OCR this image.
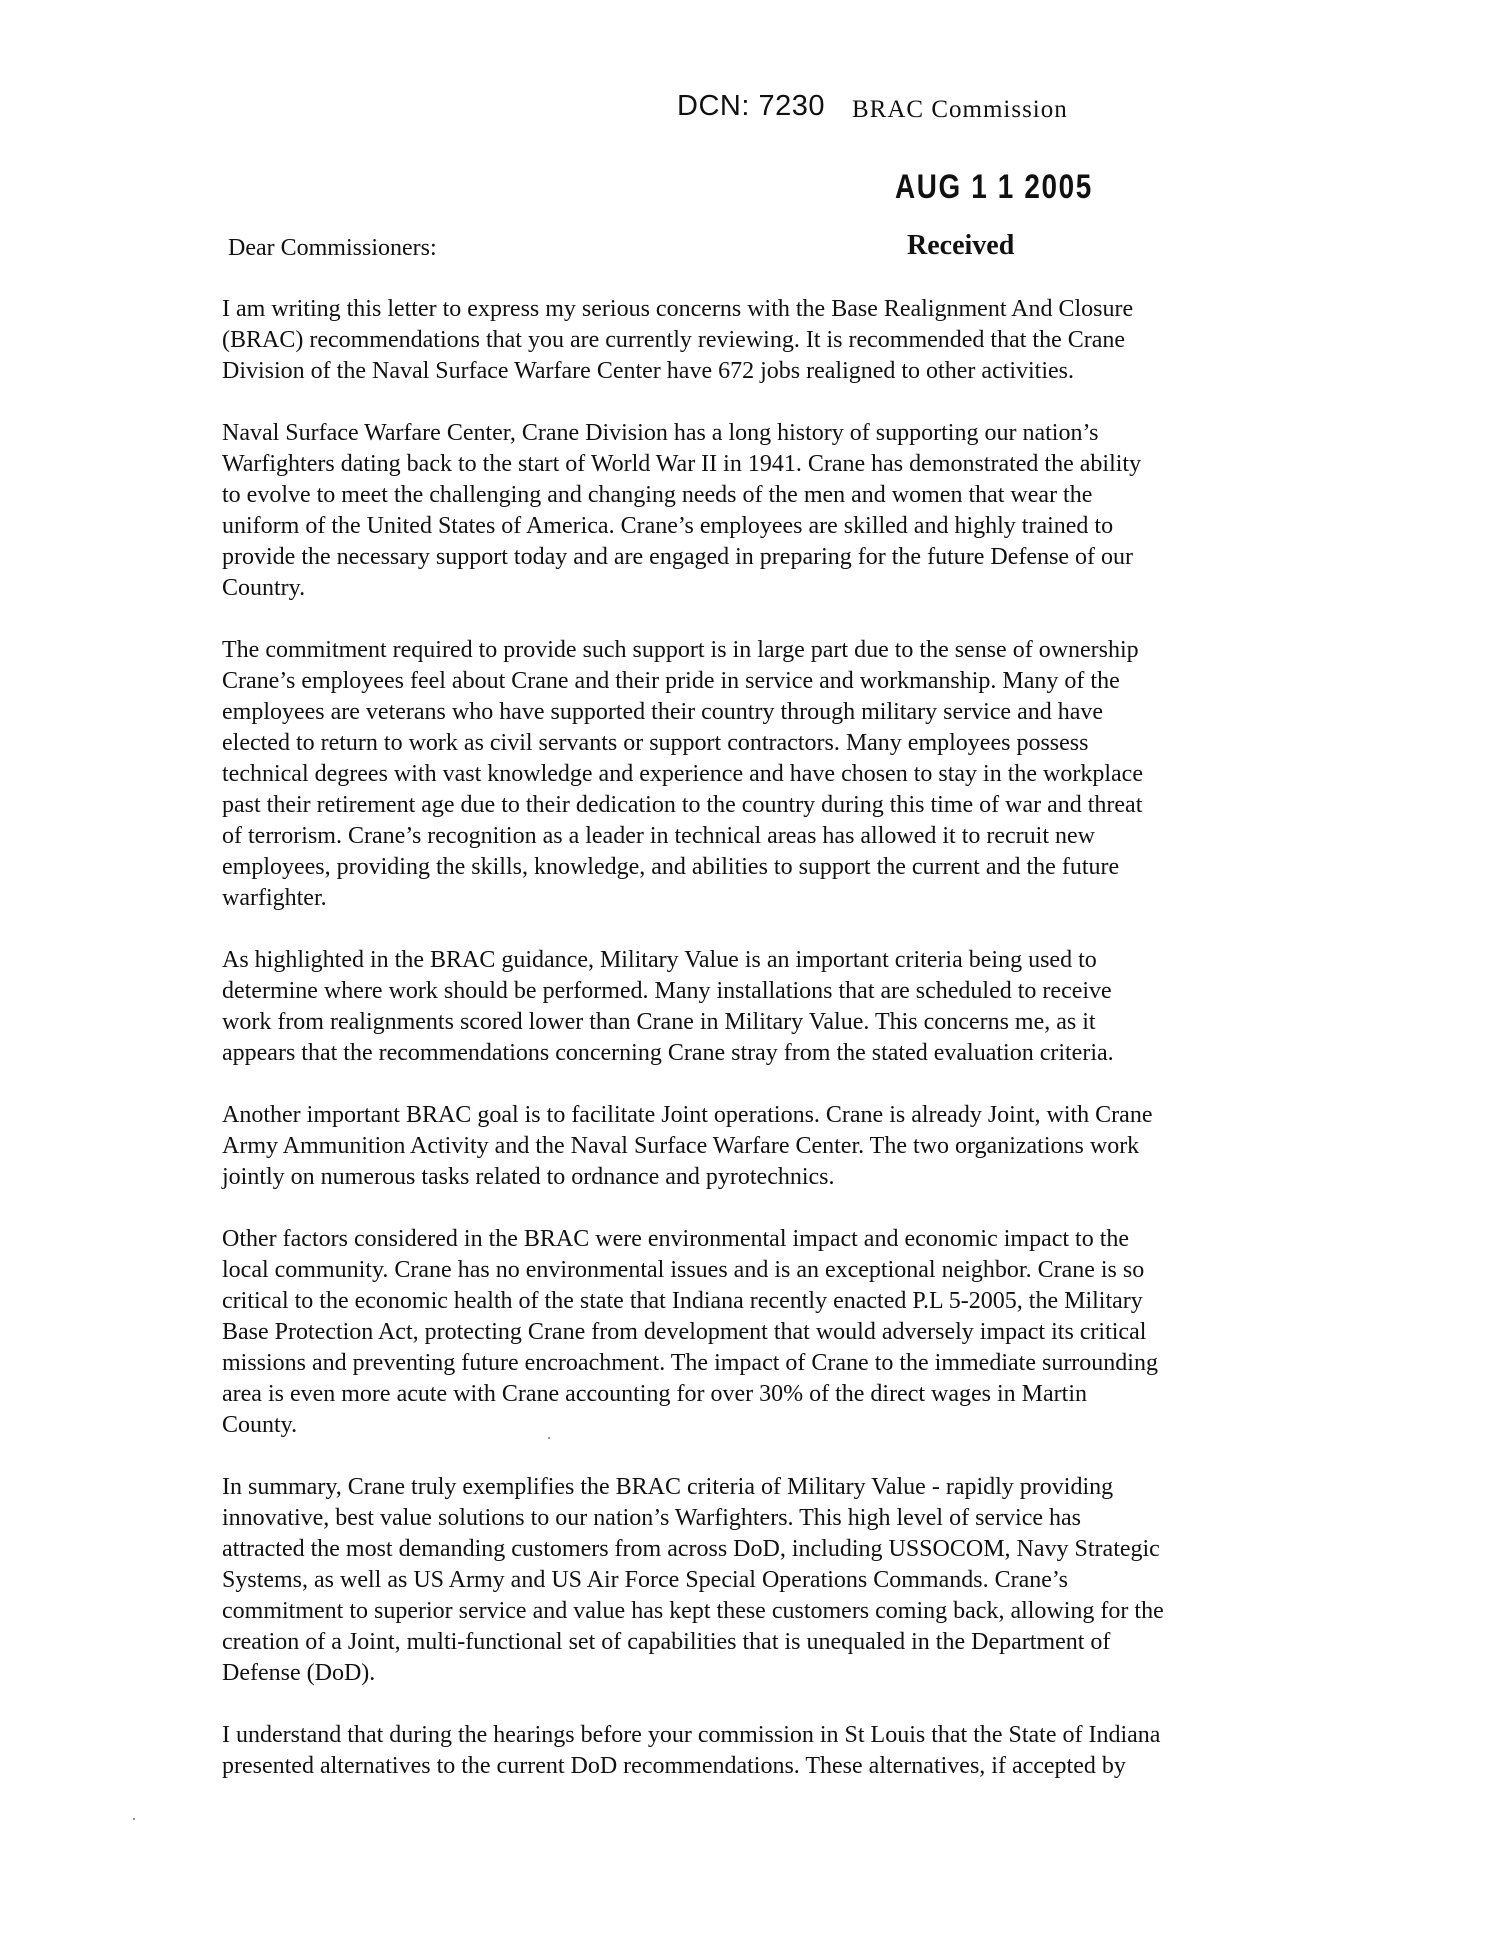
DCN: 7230 BRAC Commission
AUG 1 1 2005
Received
Dear Commissioners:
I am writing this letter to express my serious concerns with the Base Realignment And Closure
(BRAC) recommendations that you are currently reviewing. It is recommended that the Crane
Division of the Naval Surface Warfare Center have 672 jobs realigned to other activities.
Naval Surface Warfare Center, Crane Division has a long history of supporting our nation’s
Warfighters dating back to the start of World War II in 1941. Crane has demonstrated the ability
to evolve to meet the challenging and changing needs of the men and women that wear the
uniform of the United States of America. Crane’s employees are skilled and highly trained to
provide the necessary support today and are engaged in preparing for the future Defense of our
Country.
The commitment required to provide such support is in large part due to the sense of ownership
Crane’s employees feel about Crane and their pride in service and workmanship. Many of the
employees are veterans who have supported their country through military service and have
elected to return to work as civil servants or support contractors. Many employees possess
technical degrees with vast knowledge and experience and have chosen to stay in the workplace
past their retirement age due to their dedication to the country during this time of war and threat
of terrorism. Crane’s recognition as a leader in technical areas has allowed it to recruit new
employees, providing the skills, knowledge, and abilities to support the current and the future
warfighter.
As highlighted in the BRAC guidance, Military Value is an important criteria being used to
determine where work should be performed. Many installations that are scheduled to receive
work from realignments scored lower than Crane in Military Value. This concerns me, as it
appears that the recommendations concerning Crane stray from the stated evaluation criteria.
Another important BRAC goal is to facilitate Joint operations. Crane is already Joint, with Crane
Army Ammunition Activity and the Naval Surface Warfare Center. The two organizations work
jointly on numerous tasks related to ordnance and pyrotechnics.
Other factors considered in the BRAC were environmental impact and economic impact to the
local community. Crane has no environmental issues and is an exceptional neighbor. Crane is so
critical to the economic health of the state that Indiana recently enacted P.L 5-2005, the Military
Base Protection Act, protecting Crane from development that would adversely impact its critical
missions and preventing future encroachment. The impact of Crane to the immediate surrounding
area is even more acute with Crane accounting for over 30% of the direct wages in Martin
County.
In summary, Crane truly exemplifies the BRAC criteria of Military Value - rapidly providing
innovative, best value solutions to our nation’s Warfighters. This high level of service has
attracted the most demanding customers from across DoD, including USSOCOM, Navy Strategic
Systems, as well as US Army and US Air Force Special Operations Commands. Crane’s
commitment to superior service and value has kept these customers coming back, allowing for the
creation of a Joint, multi-functional set of capabilities that is unequaled in the Department of
Defense (DoD).
I understand that during the hearings before your commission in St Louis that the State of Indiana
presented alternatives to the current DoD recommendations. These alternatives, if accepted by
